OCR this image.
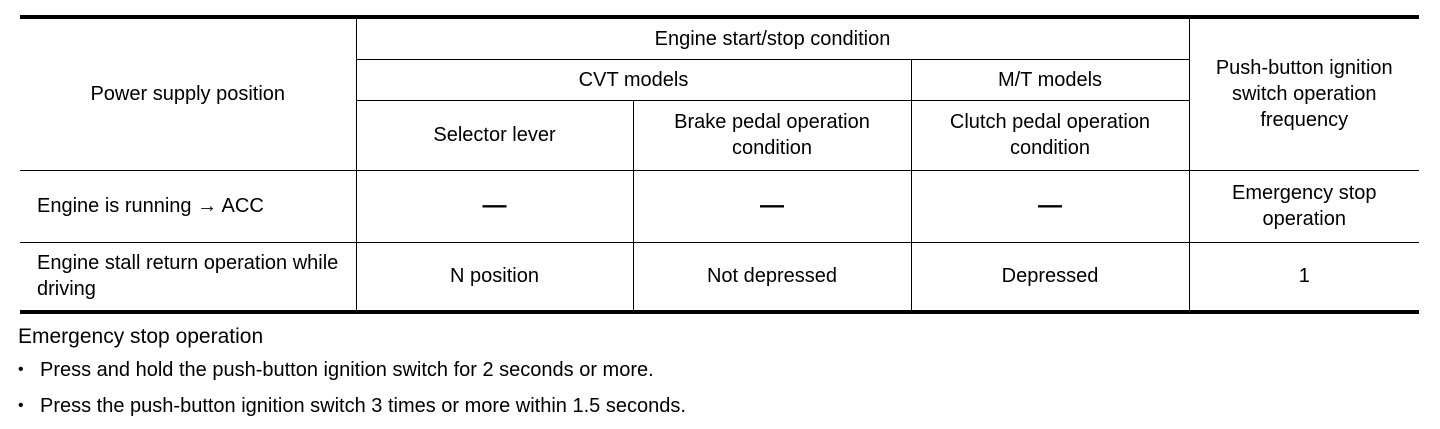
Power supply position	Engine start/stop condition			Push-button ignition switch operation frequency
	CVT models		M/T models	
	Selector lever	Brake pedal operation condition	Clutch pedal operation condition	
Engine is running → ACC	—	—	—	Emergency stop operation
Engine stall return operation while driving	N position	Not depressed	Depressed	1

Emergency stop operation

• Press and hold the push-button ignition switch for 2 seconds or more.
• Press the push-button ignition switch 3 times or more within 1.5 seconds.
